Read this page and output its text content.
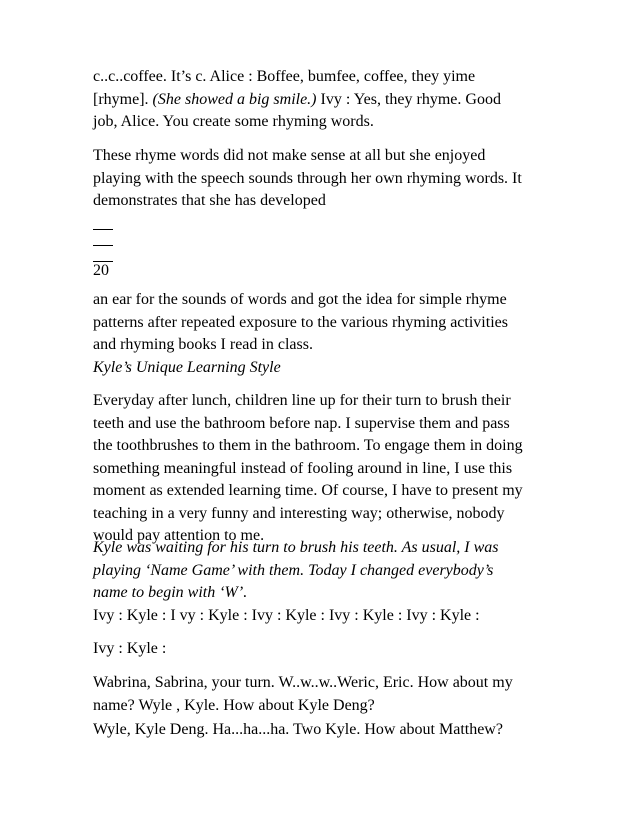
c..c..coffee. It’s c. Alice : Boffee, bumfee, coffee, they yime
[rhyme]. (She showed a big smile.) Ivy : Yes, they rhyme. Good
job, Alice. You create some rhyming words.

These rhyme words did not make sense at all but she enjoyed
playing with the speech sounds through her own rhyming words. It
demonstrates that she has developed

20

an ear for the sounds of words and got the idea for simple rhyme
patterns after repeated exposure to the various rhyming activities
and rhyming books I read in class.

Kyle’s Unique Learning Style

Everyday after lunch, children line up for their turn to brush their
teeth and use the bathroom before nap. I supervise them and pass
the toothbrushes to them in the bathroom. To engage them in doing
something meaningful instead of fooling around in line, I use this
moment as extended learning time. Of course, I have to present my
teaching in a very funny and interesting way; otherwise, nobody
would pay attention to me.

Kyle was waiting for his turn to brush his teeth. As usual, I was
playing ‘Name Game’ with them. Today I changed everybody’s
name to begin with ‘W’.

Ivy : Kyle : I vy : Kyle : Ivy : Kyle : Ivy : Kyle : Ivy : Kyle :

Ivy : Kyle :

Wabrina, Sabrina, your turn. W..w..w..Weric, Eric. How about my
name? Wyle , Kyle. How about Kyle Deng?

Wyle, Kyle Deng. Ha...ha...ha. Two Kyle. How about Matthew?
